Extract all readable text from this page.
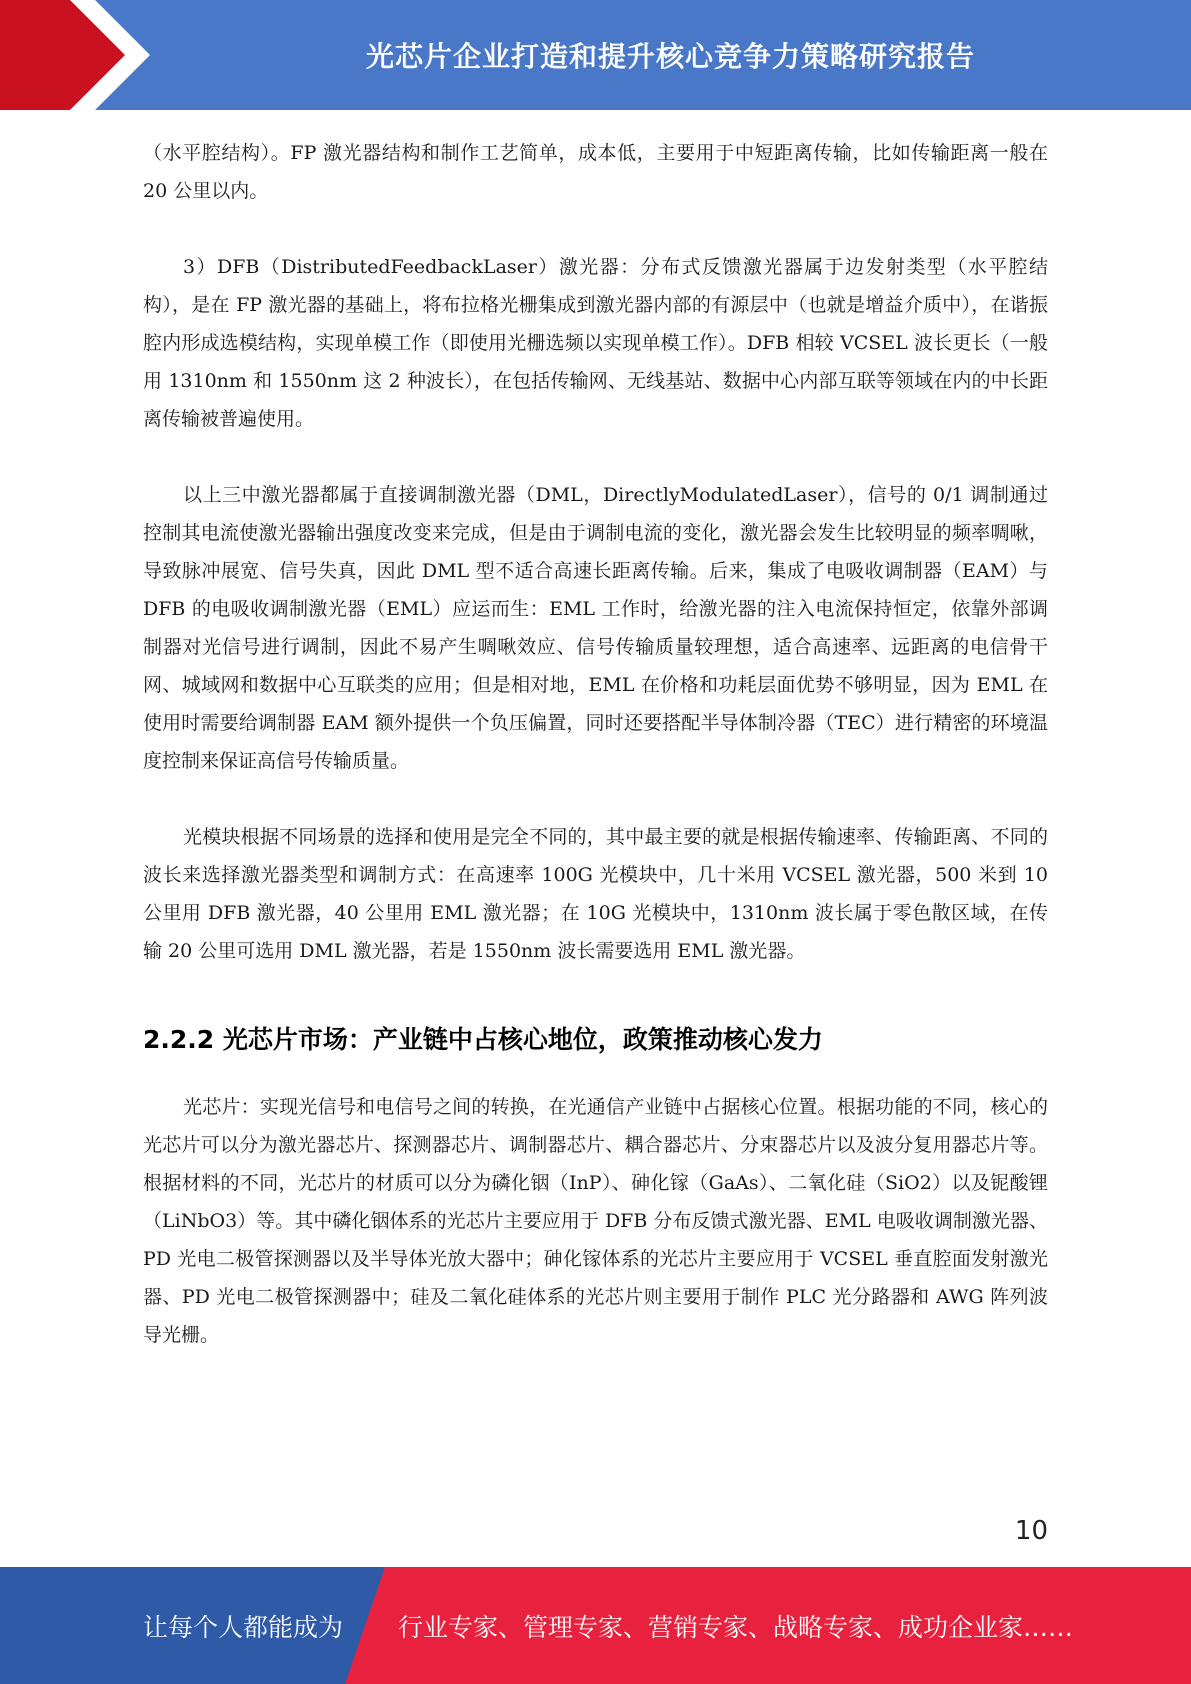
光芯片企业打造和提升核心竞争力策略研究报告

（水平腔结构）。FP 激光器结构和制作工艺简单，成本低，主要用于中短距离传输，比如传输距离一般在 20 公里以内。

3）DFB（DistributedFeedbackLaser）激光器：分布式反馈激光器属于边发射类型（水平腔结构），是在 FP 激光器的基础上，将布拉格光栅集成到激光器内部的有源层中（也就是增益介质中），在谐振腔内形成选模结构，实现单模工作（即使用光栅选频以实现单模工作）。DFB 相较 VCSEL 波长更长（一般用 1310nm 和 1550nm 这 2 种波长），在包括传输网、无线基站、数据中心内部互联等领域在内的中长距离传输被普遍使用。

以上三中激光器都属于直接调制激光器（DML，DirectlyModulatedLaser），信号的 0/1 调制通过控制其电流使激光器输出强度改变来完成，但是由于调制电流的变化，激光器会发生比较明显的频率啁啾，导致脉冲展宽、信号失真，因此 DML 型不适合高速长距离传输。后来，集成了电吸收调制器（EAM）与 DFB 的电吸收调制激光器（EML）应运而生：EML 工作时，给激光器的注入电流保持恒定，依靠外部调制器对光信号进行调制，因此不易产生啁啾效应、信号传输质量较理想，适合高速率、远距离的电信骨干网、城域网和数据中心互联类的应用；但是相对地，EML 在价格和功耗层面优势不够明显，因为 EML 在使用时需要给调制器 EAM 额外提供一个负压偏置，同时还要搭配半导体制冷器（TEC）进行精密的环境温度控制来保证高信号传输质量。

光模块根据不同场景的选择和使用是完全不同的，其中最主要的就是根据传输速率、传输距离、不同的波长来选择激光器类型和调制方式：在高速率 100G 光模块中，几十米用 VCSEL 激光器，500 米到 10 公里用 DFB 激光器，40 公里用 EML 激光器；在 10G 光模块中，1310nm 波长属于零色散区域，在传输 20 公里可选用 DML 激光器，若是 1550nm 波长需要选用 EML 激光器。

2.2.2 光芯片市场：产业链中占核心地位，政策推动核心发力

光芯片：实现光信号和电信号之间的转换，在光通信产业链中占据核心位置。根据功能的不同，核心的光芯片可以分为激光器芯片、探测器芯片、调制器芯片、耦合器芯片、分束器芯片以及波分复用器芯片等。根据材料的不同，光芯片的材质可以分为磷化铟（InP）、砷化镓（GaAs）、二氧化硅（SiO2）以及铌酸锂（LiNbO3）等。其中磷化铟体系的光芯片主要应用于 DFB 分布反馈式激光器、EML 电吸收调制激光器、PD 光电二极管探测器以及半导体光放大器中；砷化镓体系的光芯片主要应用于 VCSEL 垂直腔面发射激光器、PD 光电二极管探测器中；硅及二氧化硅体系的光芯片则主要用于制作 PLC 光分路器和 AWG 阵列波导光栅。

10
让每个人都能成为 行业专家、管理专家、营销专家、战略专家、成功企业家……
